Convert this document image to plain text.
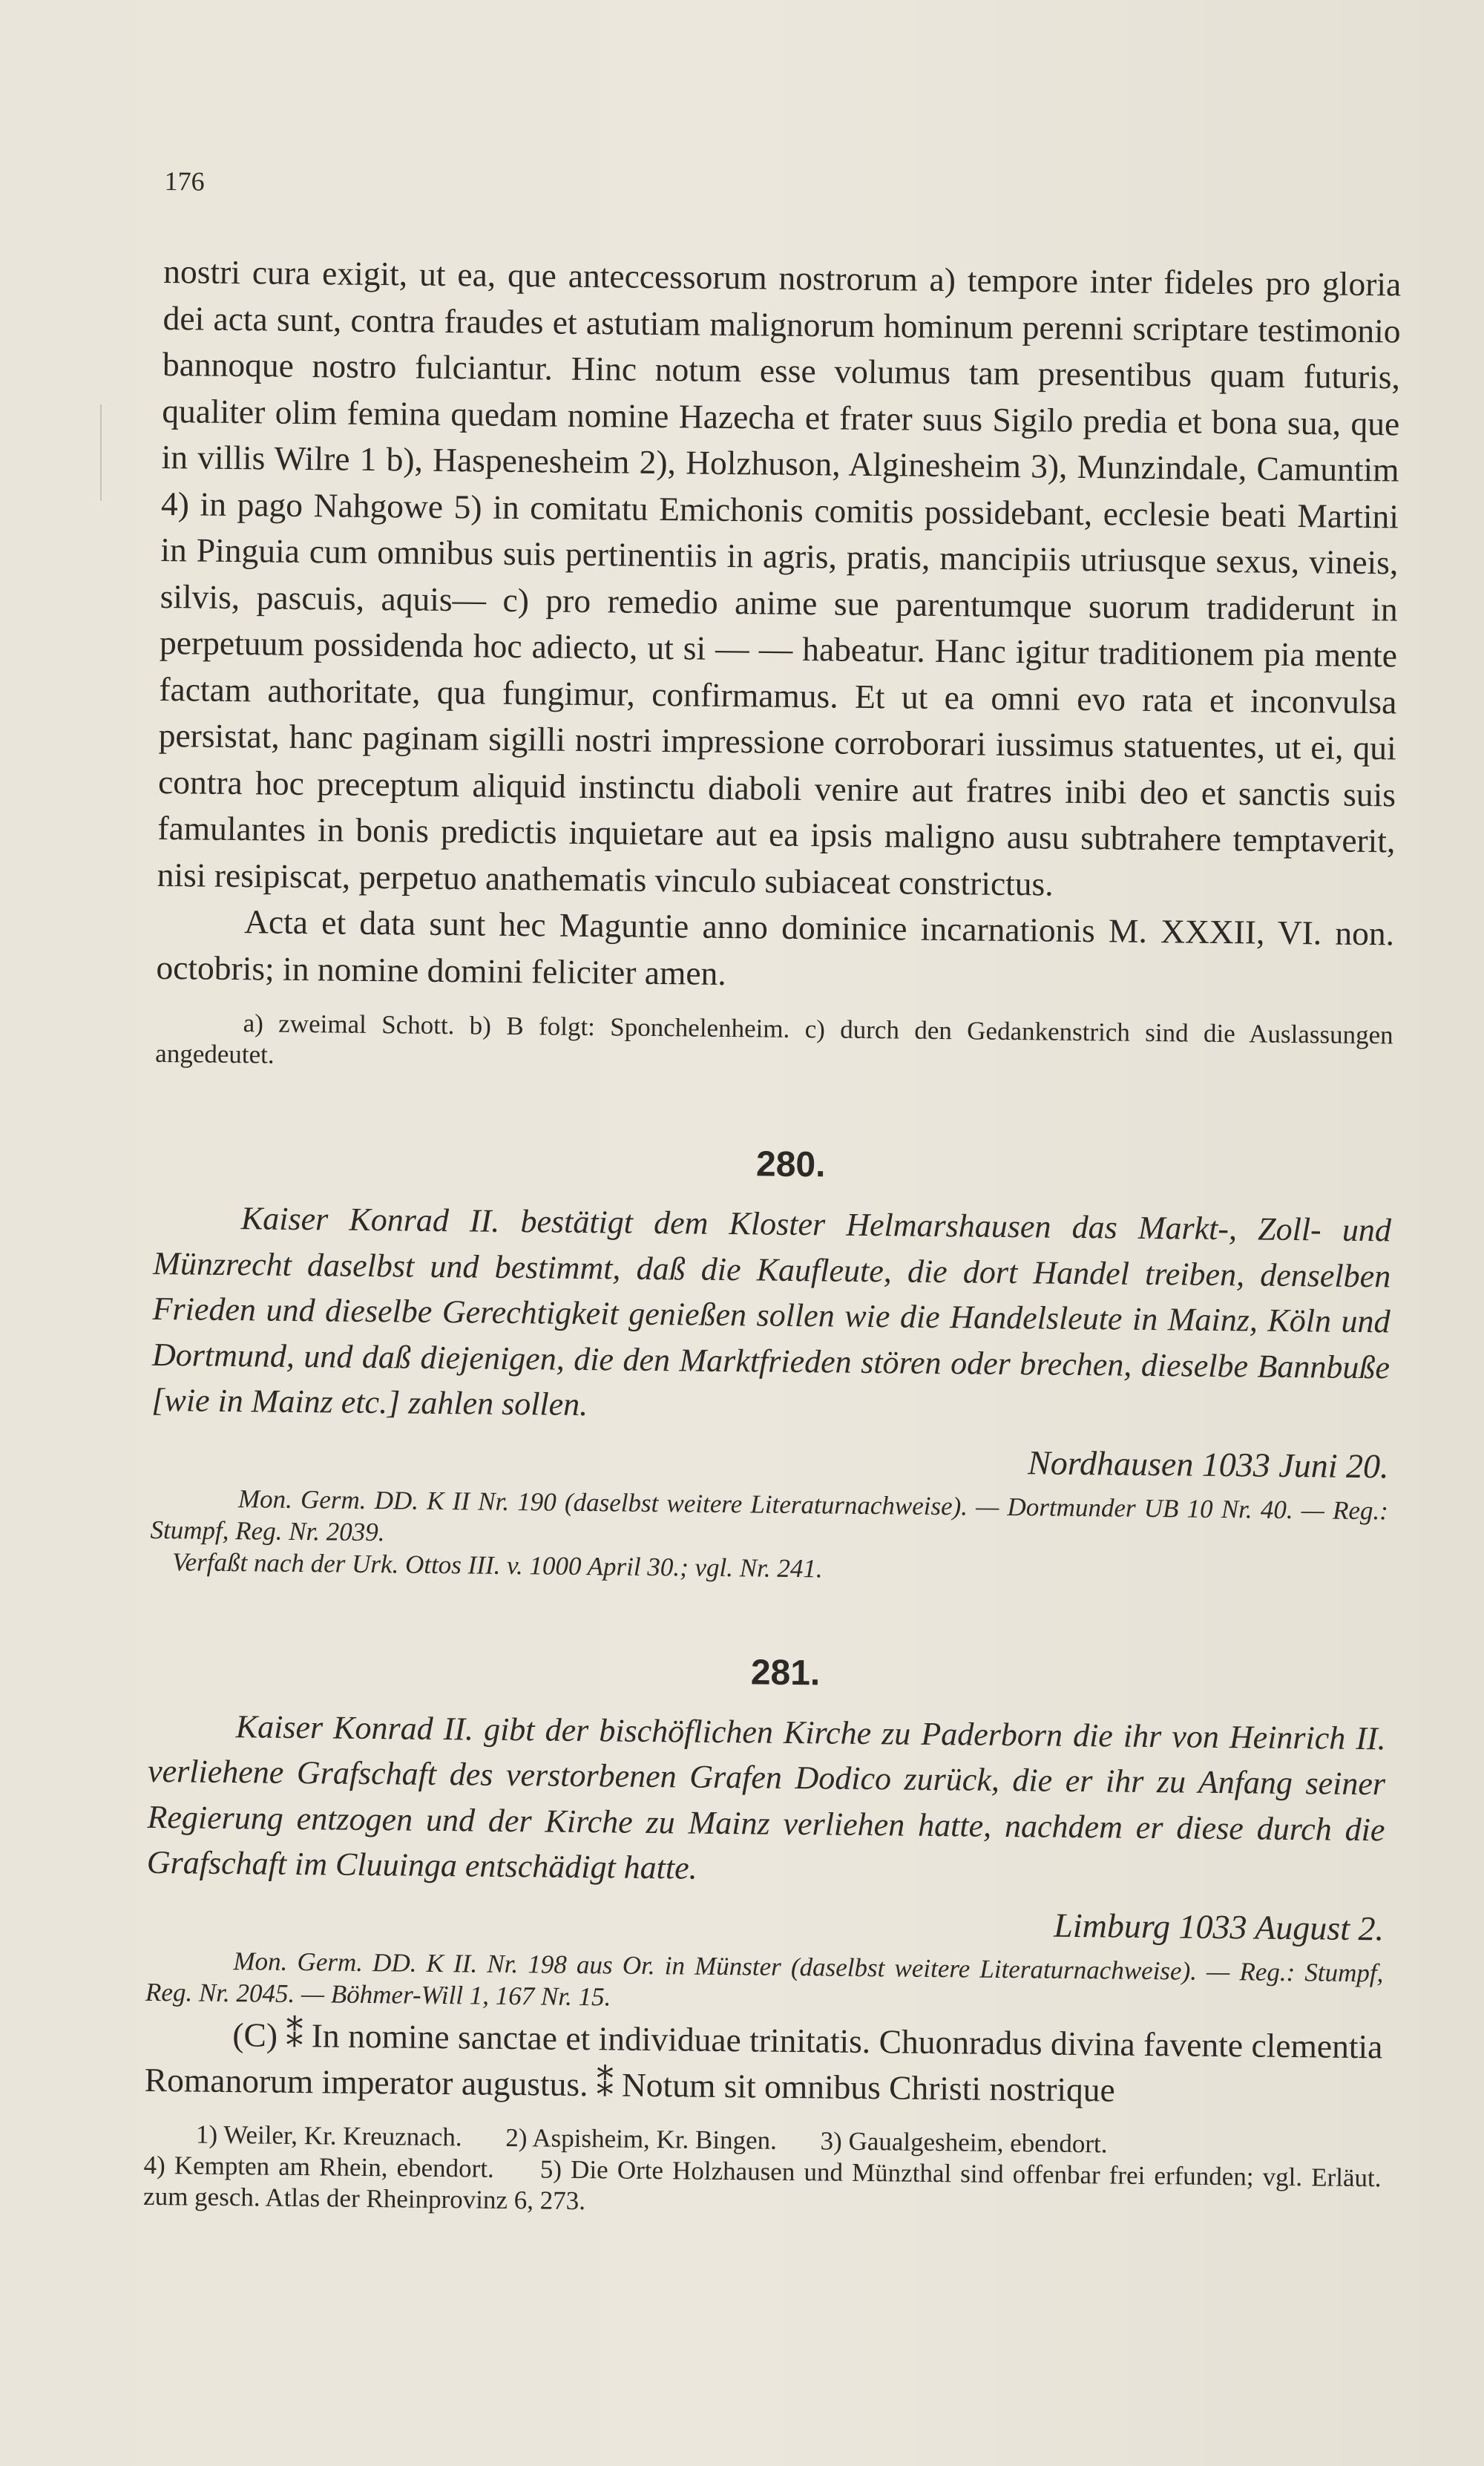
176

nostri cura exigit, ut ea, que anteccessorum nostrorum a) tempore inter fideles pro gloria dei acta sunt, contra fraudes et astutiam malignorum hominum perenni scriptare testimonio bannoque nostro fulciantur. Hinc notum esse volumus tam presentibus quam futuris, qualiter olim femina quedam nomine Hazecha et frater suus Sigilo predia et bona sua, que in villis Wilre 1 b), Haspenesheim 2), Holzhuson, Alginesheim 3), Munzindale, Camuntim 4) in pago Nahgowe 5) in comitatu Emichonis comitis possidebant, ecclesie beati Martini in Pinguia cum omnibus suis pertinentiis in agris, pratis, mancipiis utriusque sexus, vineis, silvis, pascuis, aquis— c) pro remedio anime sue parentumque suorum tradiderunt in perpetuum possidenda hoc adiecto, ut si — — habeatur. Hanc igitur traditionem pia mente factam authoritate, qua fungimur, confirmamus. Et ut ea omni evo rata et inconvulsa persistat, hanc paginam sigilli nostri impressione corroborari iussimus statuentes, ut ei, qui contra hoc preceptum aliquid instinctu diaboli venire aut fratres inibi deo et sanctis suis famulantes in bonis predictis inquietare aut ea ipsis maligno ausu subtrahere temptaverit, nisi resipiscat, perpetuo anathematis vinculo subiaceat constrictus.

Acta et data sunt hec Maguntie anno dominice incarnationis M. XXXII, VI. non. octobris; in nomine domini feliciter amen.

a) zweimal Schott. b) B folgt: Sponchelenheim. c) durch den Gedankenstrich sind die Auslassungen angedeutet.
280.

Kaiser Konrad II. bestätigt dem Kloster Helmarshausen das Markt-, Zoll- und Münzrecht daselbst und bestimmt, daß die Kaufleute, die dort Handel treiben, denselben Frieden und dieselbe Gerechtigkeit genießen sollen wie die Handelsleute in Mainz, Köln und Dortmund, und daß diejenigen, die den Marktfrieden stören oder brechen, dieselbe Bannbuße [wie in Mainz etc.] zahlen sollen.

Nordhausen 1033 Juni 20.
Mon. Germ. DD. K II Nr. 190 (daselbst weitere Literaturnachweise). — Dortmunder UB 10 Nr. 40. — Reg.: Stumpf, Reg. Nr. 2039.
Verfaßt nach der Urk. Ottos III. v. 1000 April 30.; vgl. Nr. 241.
281.

Kaiser Konrad II. gibt der bischöflichen Kirche zu Paderborn die ihr von Heinrich II. verliehene Grafschaft des verstorbenen Grafen Dodico zurück, die er ihr zu Anfang seiner Regierung entzogen und der Kirche zu Mainz verliehen hatte, nachdem er diese durch die Grafschaft im Cluuinga entschädigt hatte.

Limburg 1033 August 2.
Mon. Germ. DD. K II. Nr. 198 aus Or. in Münster (daselbst weitere Literaturnachweise). — Reg.: Stumpf, Reg. Nr. 2045. — Böhmer-Will 1, 167 Nr. 15.

(C) ⁑ In nomine sanctae et individuae trinitatis. Chuonradus divina favente clementia Romanorum imperator augustus. ⁑ Notum sit omnibus Christi nostrique

1) Weiler, Kr. Kreuznach. 2) Aspisheim, Kr. Bingen. 3) Gaualgesheim, ebendort.
4) Kempten am Rhein, ebendort. 5) Die Orte Holzhausen und Münzthal sind offenbar frei erfunden; vgl. Erläut. zum gesch. Atlas der Rheinprovinz 6, 273.
